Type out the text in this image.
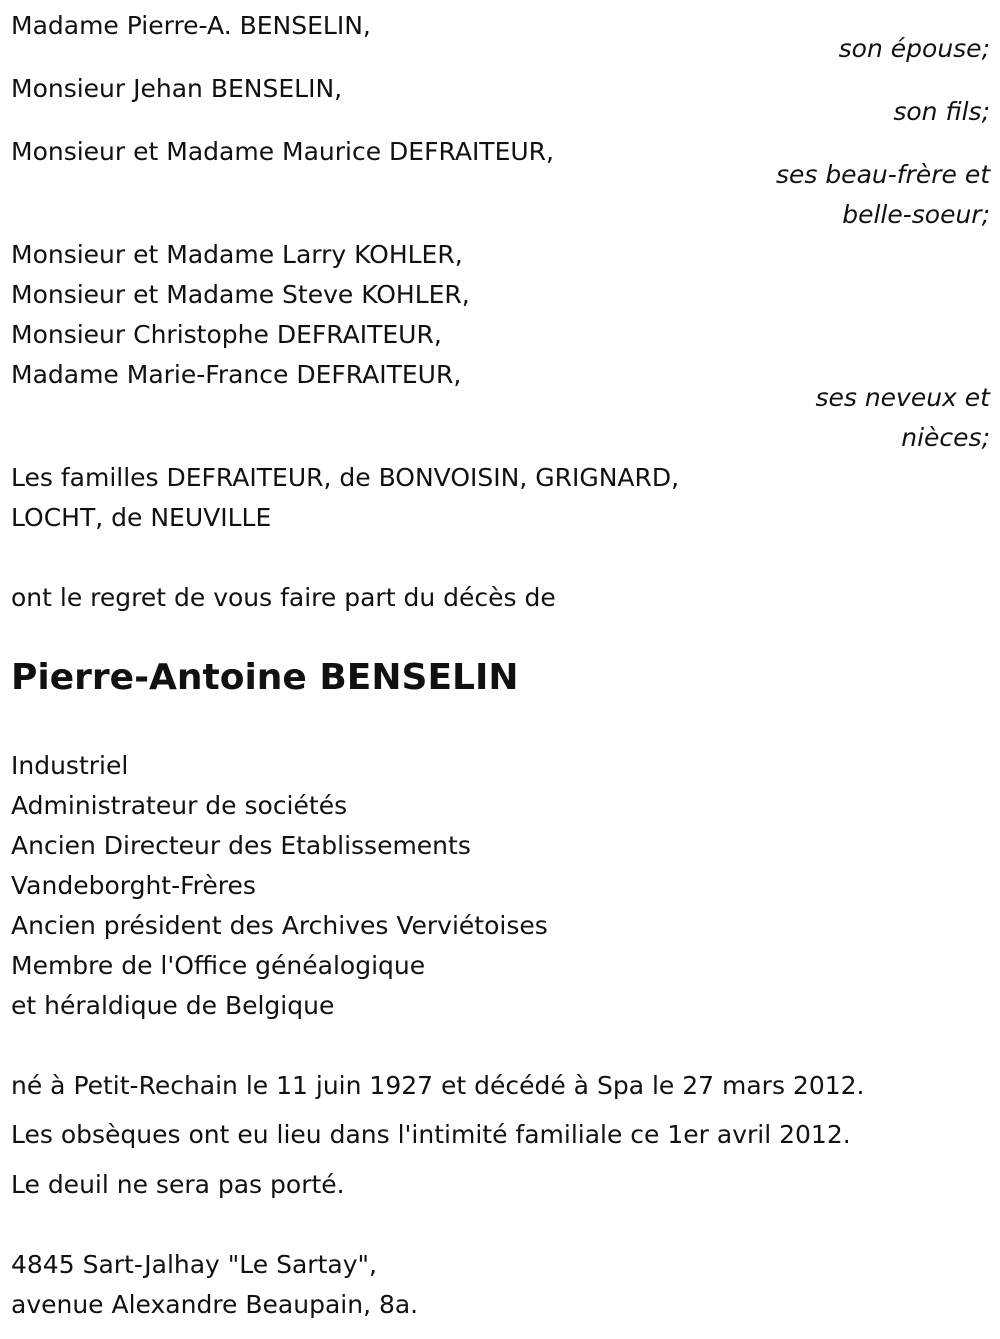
Madame Pierre-A. BENSELIN,
son épouse;
Monsieur Jehan BENSELIN,
son fils;
Monsieur et Madame Maurice DEFRAITEUR,
ses beau-frère et
belle-soeur;
Monsieur et Madame Larry KOHLER,
Monsieur et Madame Steve KOHLER,
Monsieur Christophe DEFRAITEUR,
Madame Marie-France DEFRAITEUR,
ses neveux et
nièces;
Les familles DEFRAITEUR, de BONVOISIN, GRIGNARD,
LOCHT, de NEUVILLE
ont le regret de vous faire part du décès de
Pierre-Antoine BENSELIN
Industriel
Administrateur de sociétés
Ancien Directeur des Etablissements
Vandeborght-Frères
Ancien président des Archives Verviétoises
Membre de l'Office généalogique
et héraldique de Belgique
né à Petit-Rechain le 11 juin 1927 et décédé à Spa le 27 mars 2012.
Les obsèques ont eu lieu dans l'intimité familiale ce 1er avril 2012.
Le deuil ne sera pas porté.
4845 Sart-Jalhay "Le Sartay",
avenue Alexandre Beaupain, 8a.
